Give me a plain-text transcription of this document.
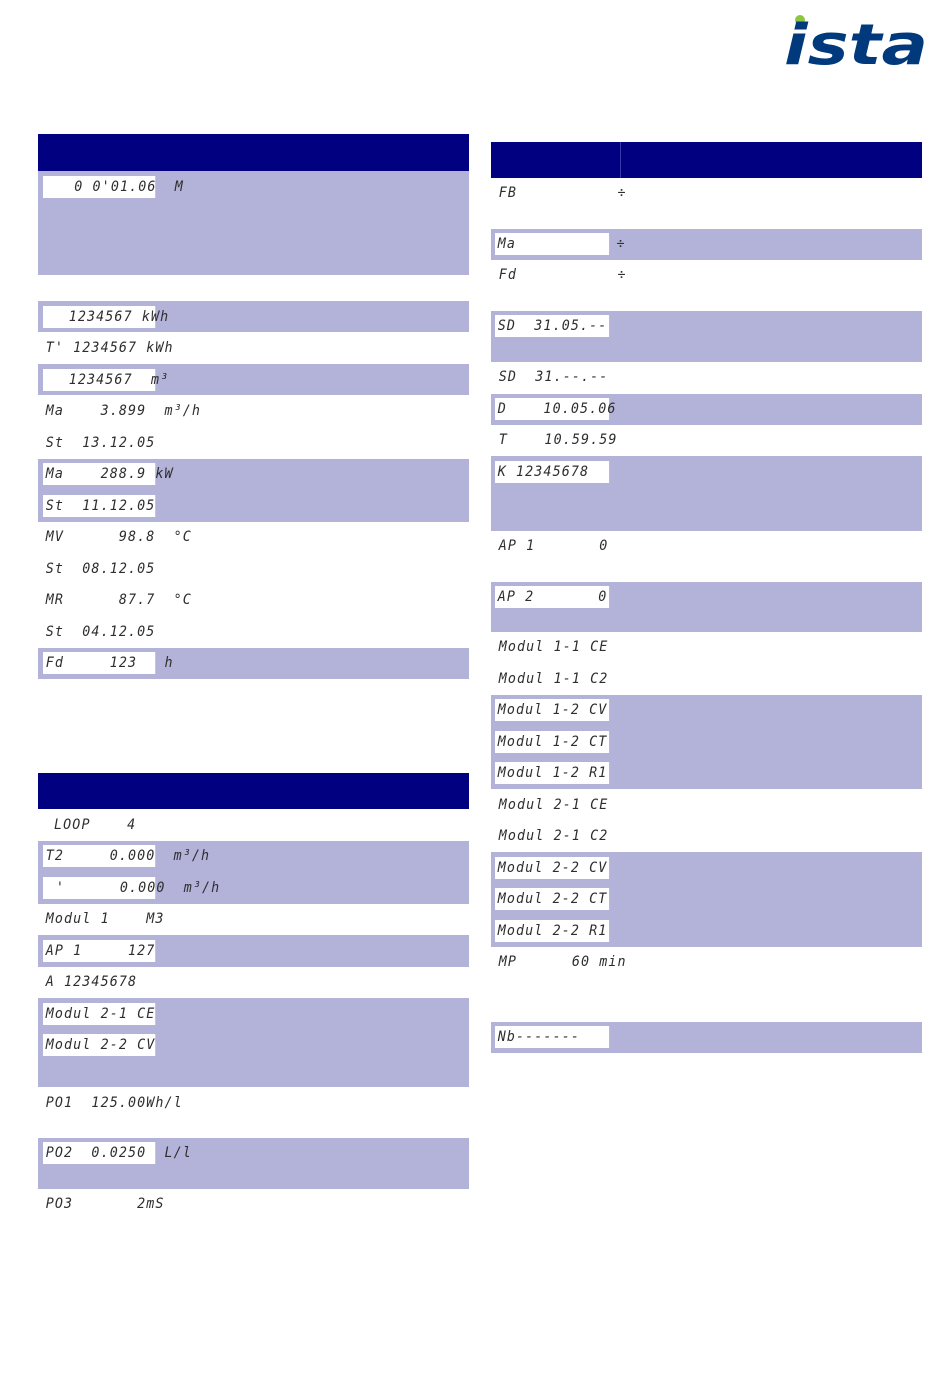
ista
0 0'01.06  M
1234567 kWh
T' 1234567 kWh
1234567  m³
Ma    3.899  m³/h
St  13.12.05
Ma    288.9 kW
St  11.12.05
MV      98.8  °C
St  08.12.05
MR      87.7  °C
St  04.12.05
Fd     123   h
LOOP    4
T2     0.000  m³/h
'      0.000  m³/h
Modul 1    M3
AP 1     127
A 12345678
Modul 2-1 CE
Modul 2-2 CV
PO1  125.00Wh/l
PO2  0.0250  L/l
PO3       2mS
FB           ÷
Ma           ÷
Fd           ÷
SD  31.05.--
SD  31.--.--
D    10.05.06
T    10.59.59
K 12345678
AP 1       0
AP 2       0
Modul 1-1 CE
Modul 1-1 C2
Modul 1-2 CV
Modul 1-2 CT
Modul 1-2 R1
Modul 2-1 CE
Modul 2-1 C2
Modul 2-2 CV
Modul 2-2 CT
Modul 2-2 R1
MP      60 min
Nb-------
